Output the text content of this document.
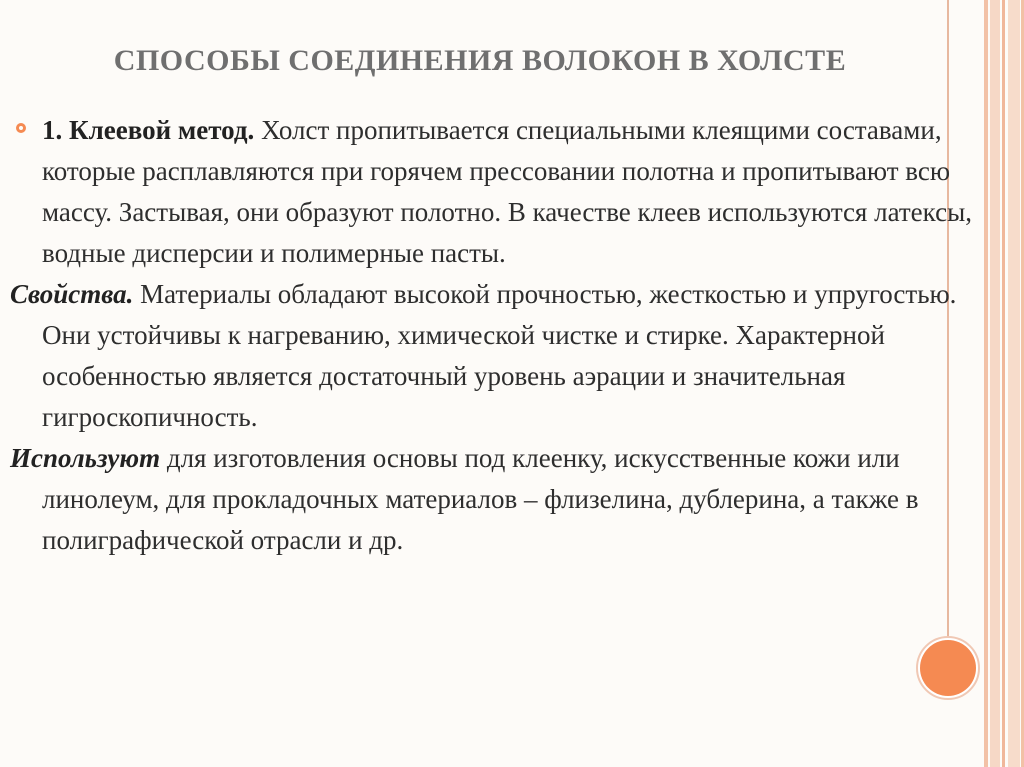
СПОСОБЫ СОЕДИНЕНИЯ ВОЛОКОН В ХОЛСТЕ
1. Клеевой метод. Холст пропитывается специальными клеящими составами, которые расплавляются при горячем прессовании полотна и пропитывают всю массу. Застывая, они образуют полотно. В качестве клеев используются латексы, водные дисперсии и полимерные пасты.
Свойства. Материалы обладают высокой прочностью, жесткостью и упругостью. Они устойчивы к нагреванию, химической чистке и стирке. Характерной особенностью является достаточный уровень аэрации и значительная гигроскопичность.
Используют для изготовления основы под клеенку, искусственные кожи или линолеум, для прокладочных материалов – флизелина, дублерина, а также в полиграфической отрасли и др.
